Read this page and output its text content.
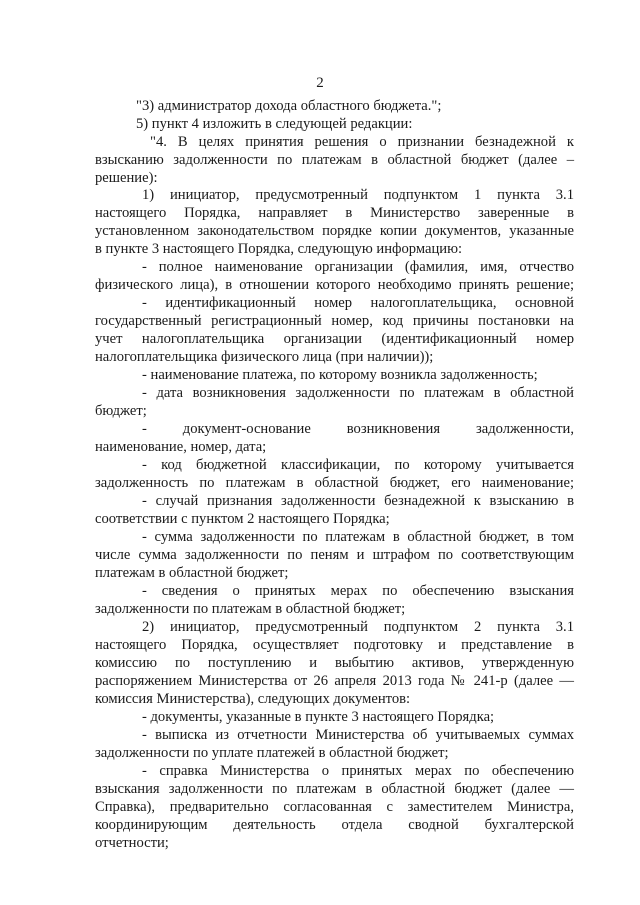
2
"3) администратор дохода областного бюджета.";
5) пункт 4 изложить в следующей редакции:
"4. В целях принятия решения о признании безнадежной к
взысканию задолженности по платежам в областной бюджет (далее –
решение):
1) инициатор, предусмотренный подпунктом 1 пункта 3.1
настоящего Порядка, направляет в Министерство заверенные в
установленном законодательством порядке копии документов, указанные
в пункте 3 настоящего Порядка, следующую информацию:
- полное наименование организации (фамилия, имя, отчество
физического лица), в отношении которого необходимо принять решение;
- идентификационный номер налогоплательщика, основной
государственный регистрационный номер, код причины постановки на
учет налогоплательщика организации (идентификационный номер
налогоплательщика физического лица (при наличии));
- наименование платежа, по которому возникла задолженность;
- дата возникновения задолженности по платежам в областной
бюджет;
- документ-основание возникновения задолженности,
наименование, номер, дата;
- код бюджетной классификации, по которому учитывается
задолженность по платежам в областной бюджет, его наименование;
- случай признания задолженности безнадежной к взысканию в
соответствии с пунктом 2 настоящего Порядка;
- сумма задолженности по платежам в областной бюджет, в том
числе сумма задолженности по пеням и штрафом по соответствующим
платежам в областной бюджет;
- сведения о принятых мерах по обеспечению взыскания
задолженности по платежам в областной бюджет;
2) инициатор, предусмотренный подпунктом 2 пункта 3.1
настоящего Порядка, осуществляет подготовку и представление в
комиссию по поступлению и выбытию активов, утвержденную
распоряжением Министерства от 26 апреля 2013 года № 241-р (далее —
комиссия Министерства), следующих документов:
- документы, указанные в пункте 3 настоящего Порядка;
- выписка из отчетности Министерства об учитываемых суммах
задолженности по уплате платежей в областной бюджет;
- справка Министерства о принятых мерах по обеспечению
взыскания задолженности по платежам в областной бюджет (далее —
Справка), предварительно согласованная с заместителем Министра,
координирующим деятельность отдела сводной бухгалтерской
отчетности;
